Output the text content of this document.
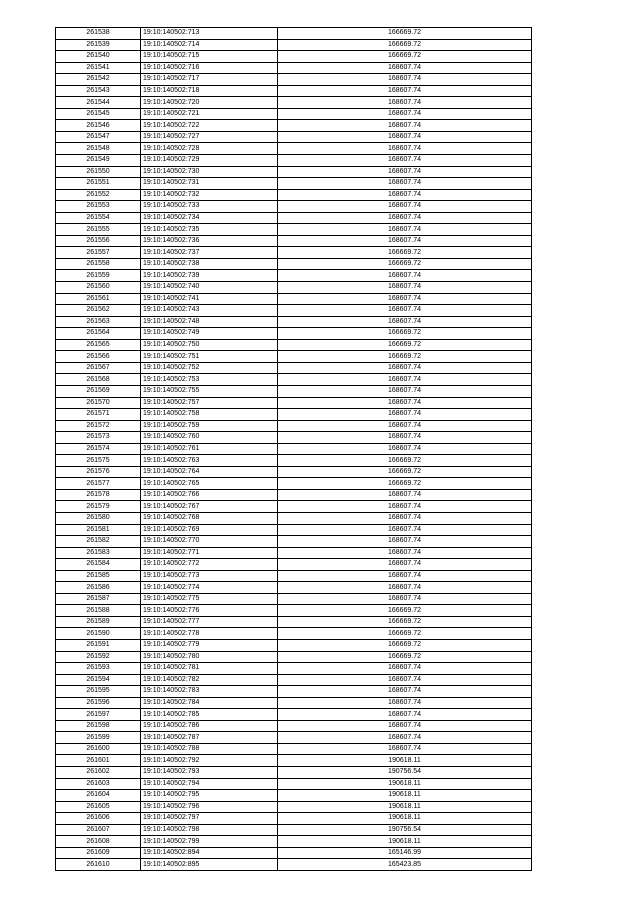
261538	19:10:140502:713	166669.72
261539	19:10:140502:714	166669.72
261540	19:10:140502:715	166669.72
261541	19:10:140502:716	168607.74
261542	19:10:140502:717	168607.74
261543	19:10:140502:718	168607.74
261544	19:10:140502:720	168607.74
261545	19:10:140502:721	168607.74
261546	19:10:140502:722	168607.74
261547	19:10:140502:727	168607.74
261548	19:10:140502:728	168607.74
261549	19:10:140502:729	168607.74
261550	19:10:140502:730	168607.74
261551	19:10:140502:731	168607.74
261552	19:10:140502:732	168607.74
261553	19:10:140502:733	168607.74
261554	19:10:140502:734	168607.74
261555	19:10:140502:735	168607.74
261556	19:10:140502:736	168607.74
261557	19:10:140502:737	166669.72
261558	19:10:140502:738	166669.72
261559	19:10:140502:739	168607.74
261560	19:10:140502:740	168607.74
261561	19:10:140502:741	168607.74
261562	19:10:140502:743	168607.74
261563	19:10:140502:748	168607.74
261564	19:10:140502:749	166669.72
261565	19:10:140502:750	166669.72
261566	19:10:140502:751	166669.72
261567	19:10:140502:752	168607.74
261568	19:10:140502:753	168607.74
261569	19:10:140502:755	168607.74
261570	19:10:140502:757	168607.74
261571	19:10:140502:758	168607.74
261572	19:10:140502:759	168607.74
261573	19:10:140502:760	168607.74
261574	19:10:140502:761	168607.74
261575	19:10:140502:763	166669.72
261576	19:10:140502:764	166669.72
261577	19:10:140502:765	166669.72
261578	19:10:140502:766	168607.74
261579	19:10:140502:767	168607.74
261580	19:10:140502:768	168607.74
261581	19:10:140502:769	168607.74
261582	19:10:140502:770	168607.74
261583	19:10:140502:771	168607.74
261584	19:10:140502:772	168607.74
261585	19:10:140502:773	168607.74
261586	19:10:140502:774	168607.74
261587	19:10:140502:775	168607.74
261588	19:10:140502:776	166669.72
261589	19:10:140502:777	166669.72
261590	19:10:140502:778	166669.72
261591	19:10:140502:779	166669.72
261592	19:10:140502:780	166669.72
261593	19:10:140502:781	168607.74
261594	19:10:140502:782	168607.74
261595	19:10:140502:783	168607.74
261596	19:10:140502:784	168607.74
261597	19:10:140502:785	168607.74
261598	19:10:140502:786	168607.74
261599	19:10:140502:787	168607.74
261600	19:10:140502:788	168607.74
261601	19:10:140502:792	190618.11
261602	19:10:140502:793	190756.54
261603	19:10:140502:794	190618.11
261604	19:10:140502:795	190618.11
261605	19:10:140502:796	190618.11
261606	19:10:140502:797	190618.11
261607	19:10:140502:798	190756.54
261608	19:10:140502:799	190618.11
261609	19:10:140502:894	165146.99
261610	19:10:140502:895	165423.85
